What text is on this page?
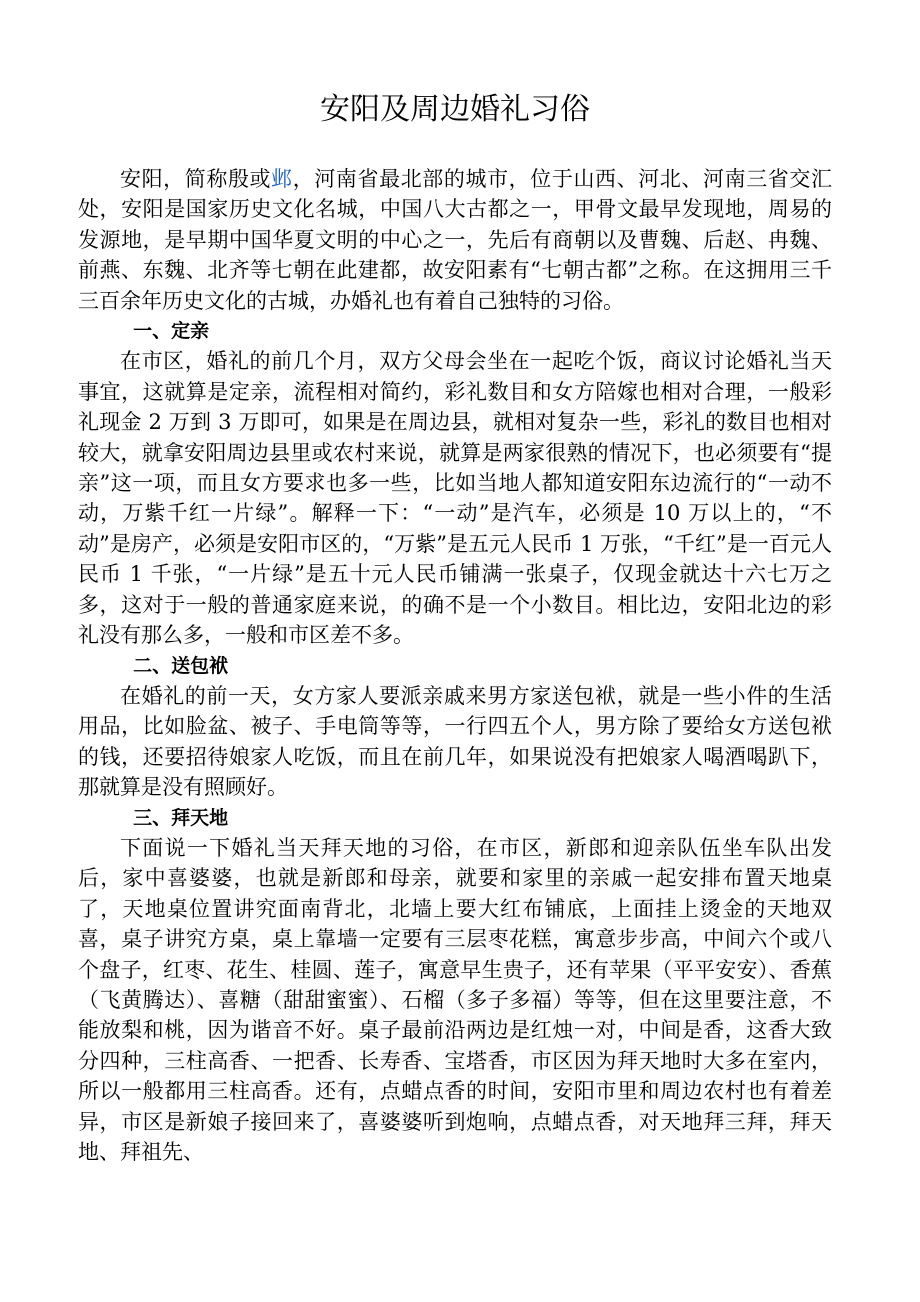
安阳及周边婚礼习俗

安阳，简称殷或邺，河南省最北部的城市，位于山西、河北、河南三省交汇处，安阳是国家历史文化名城，中国八大古都之一，甲骨文最早发现地，周易的发源地，是早期中国华夏文明的中心之一，先后有商朝以及曹魏、后赵、冉魏、前燕、东魏、北齐等七朝在此建都，故安阳素有“七朝古都”之称。在这拥用三千三百余年历史文化的古城，办婚礼也有着自己独特的习俗。

一、定亲

在市区，婚礼的前几个月，双方父母会坐在一起吃个饭，商议讨论婚礼当天事宜，这就算是定亲，流程相对简约，彩礼数目和女方陪嫁也相对合理，一般彩礼现金 2 万到 3 万即可，如果是在周边县，就相对复杂一些，彩礼的数目也相对较大，就拿安阳周边县里或农村来说，就算是两家很熟的情况下，也必须要有“提亲”这一项，而且女方要求也多一些，比如当地人都知道安阳东边流行的“一动不动，万紫千红一片绿”。解释一下：“一动”是汽车，必须是 10 万以上的，“不动”是房产，必须是安阳市区的，“万紫”是五元人民币 1 万张，“千红”是一百元人民币 1 千张，“一片绿”是五十元人民币铺满一张桌子，仅现金就达十六七万之多，这对于一般的普通家庭来说，的确不是一个小数目。相比边，安阳北边的彩礼没有那么多，一般和市区差不多。

二、送包袱

在婚礼的前一天，女方家人要派亲戚来男方家送包袱，就是一些小件的生活用品，比如脸盆、被子、手电筒等等，一行四五个人，男方除了要给女方送包袱的钱，还要招待娘家人吃饭，而且在前几年，如果说没有把娘家人喝酒喝趴下，那就算是没有照顾好。

三、拜天地

下面说一下婚礼当天拜天地的习俗，在市区，新郎和迎亲队伍坐车队出发后，家中喜婆婆，也就是新郎和母亲，就要和家里的亲戚一起安排布置天地桌了，天地桌位置讲究面南背北，北墙上要大红布铺底，上面挂上烫金的天地双喜，桌子讲究方桌，桌上靠墙一定要有三层枣花糕，寓意步步高，中间六个或八个盘子，红枣、花生、桂圆、莲子，寓意早生贵子，还有苹果（平平安安）、香蕉（飞黄腾达）、喜糖（甜甜蜜蜜）、石榴（多子多福）等等，但在这里要注意，不能放梨和桃，因为谐音不好。桌子最前沿两边是红烛一对，中间是香，这香大致分四种，三柱高香、一把香、长寿香、宝塔香，市区因为拜天地时大多在室内，所以一般都用三柱高香。还有，点蜡点香的时间，安阳市里和周边农村也有着差异，市区是新娘子接回来了，喜婆婆听到炮响，点蜡点香，对天地拜三拜，拜天地、拜祖先、
